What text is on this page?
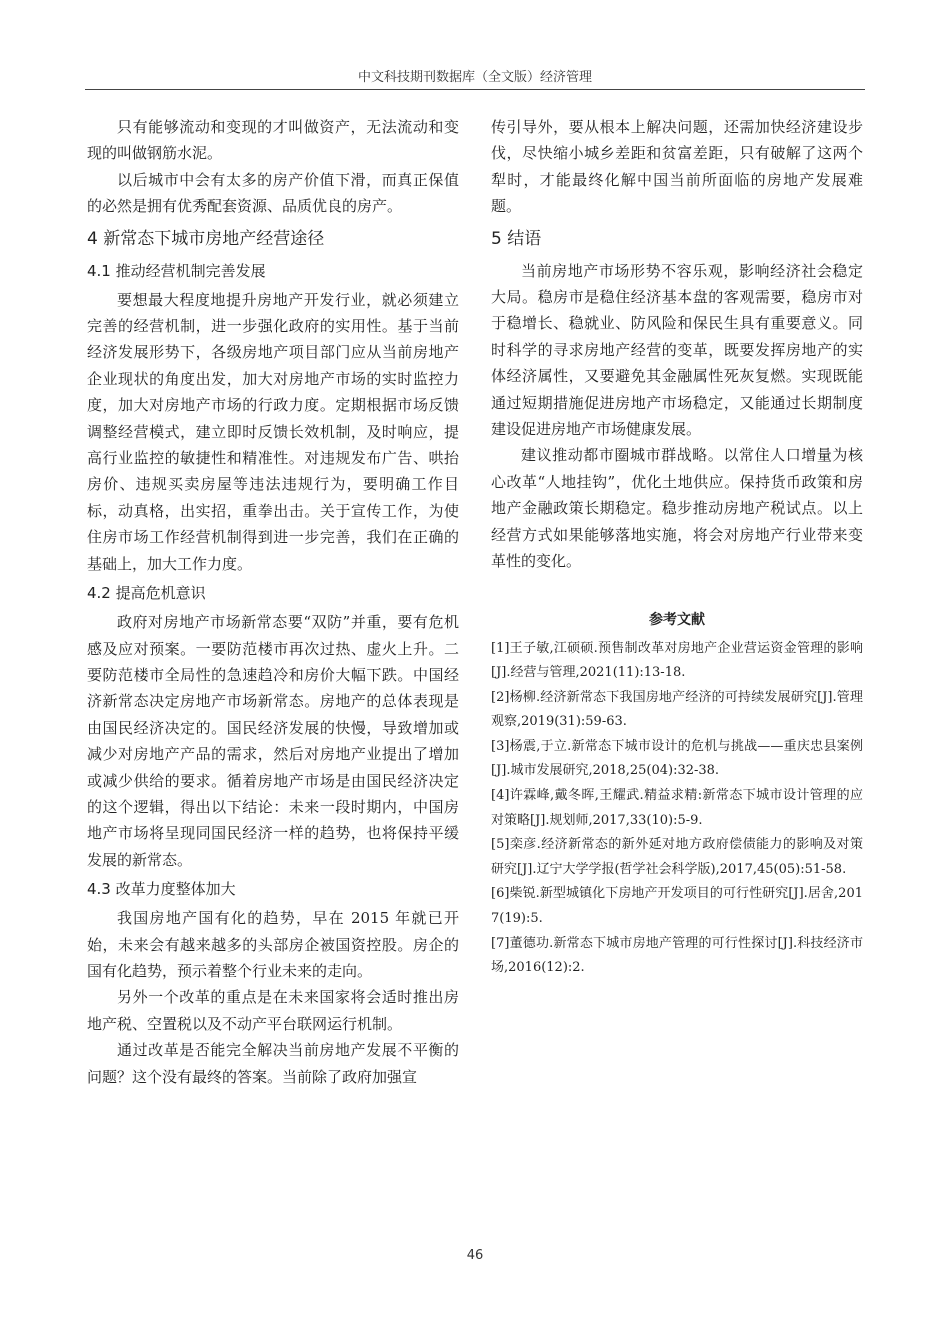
中文科技期刊数据库（全文版）经济管理

只有能够流动和变现的才叫做资产，无法流动和变现的叫做钢筋水泥。

以后城市中会有太多的房产价值下滑，而真正保值的必然是拥有优秀配套资源、品质优良的房产。

4 新常态下城市房地产经营途径
4.1 推动经营机制完善发展

要想最大程度地提升房地产开发行业，就必须建立完善的经营机制，进一步强化政府的实用性。基于当前经济发展形势下，各级房地产项目部门应从当前房地产企业现状的角度出发，加大对房地产市场的实时监控力度，加大对房地产市场的行政力度。定期根据市场反馈调整经营模式，建立即时反馈长效机制，及时响应，提高行业监控的敏捷性和精准性。对违规发布广告、哄抬房价、违规买卖房屋等违法违规行为，要明确工作目标，动真格，出实招，重拳出击。关于宣传工作，为使住房市场工作经营机制得到进一步完善，我们在正确的基础上，加大工作力度。

4.2 提高危机意识

政府对房地产市场新常态要“双防”并重，要有危机感及应对预案。一要防范楼市再次过热、虚火上升。二要防范楼市全局性的急速趋冷和房价大幅下跌。中国经济新常态决定房地产市场新常态。房地产的总体表现是由国民经济决定的。国民经济发展的快慢，导致增加或减少对房地产产品的需求，然后对房地产业提出了增加或减少供给的要求。循着房地产市场是由国民经济决定的这个逻辑，得出以下结论：未来一段时期内，中国房地产市场将呈现同国民经济一样的趋势，也将保持平缓发展的新常态。

4.3 改革力度整体加大

我国房地产国有化的趋势，早在 2015 年就已开始，未来会有越来越多的头部房企被国资控股。房企的国有化趋势，预示着整个行业未来的走向。

另外一个改革的重点是在未来国家将会适时推出房地产税、空置税以及不动产平台联网运行机制。

通过改革是否能完全解决当前房地产发展不平衡的问题？这个没有最终的答案。当前除了政府加强宣

传引导外，要从根本上解决问题，还需加快经济建设步伐，尽快缩小城乡差距和贫富差距，只有破解了这两个犁时，才能最终化解中国当前所面临的房地产发展难题。

5 结语

当前房地产市场形势不容乐观，影响经济社会稳定大局。稳房市是稳住经济基本盘的客观需要，稳房市对于稳增长、稳就业、防风险和保民生具有重要意义。同时科学的寻求房地产经营的变革，既要发挥房地产的实体经济属性，又要避免其金融属性死灰复燃。实现既能通过短期措施促进房地产市场稳定，又能通过长期制度建设促进房地产市场健康发展。

建议推动都市圈城市群战略。以常住人口增量为核心改革“人地挂钩”，优化土地供应。保持货币政策和房地产金融政策长期稳定。稳步推动房地产税试点。以上经营方式如果能够落地实施，将会对房地产行业带来变革性的变化。

参考文献

[1]王子敏,江硕硕.预售制改革对房地产企业营运资金管理的影响[J].经营与管理,2021(11):13-18.

[2]杨柳.经济新常态下我国房地产经济的可持续发展研究[J].管理观察,2019(31):59-63.

[3]杨震,于立.新常态下城市设计的危机与挑战——重庆忠县案例[J].城市发展研究,2018,25(04):32-38.

[4]许霖峰,戴冬晖,王耀武.精益求精:新常态下城市设计管理的应对策略[J].规划师,2017,33(10):5-9.

[5]栾彦.经济新常态的新外延对地方政府偿债能力的影响及对策研究[J].辽宁大学学报(哲学社会科学版),2017,45(05):51-58.

[6]柴锐.新型城镇化下房地产开发项目的可行性研究[J].居舍,2017(19):5.

[7]董德功.新常态下城市房地产管理的可行性探讨[J].科技经济市场,2016(12):2.

46
